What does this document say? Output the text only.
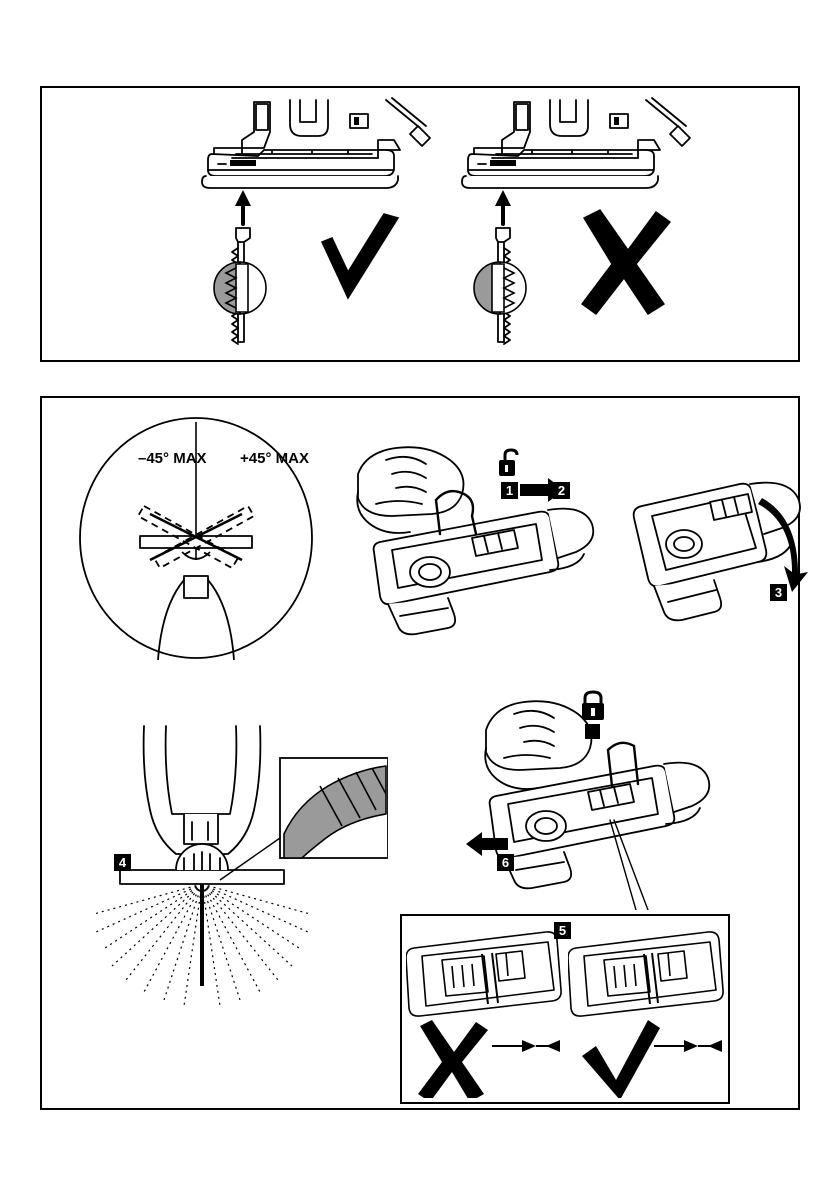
–45° MAX +45° MAX
1	2
3
4	6
5
